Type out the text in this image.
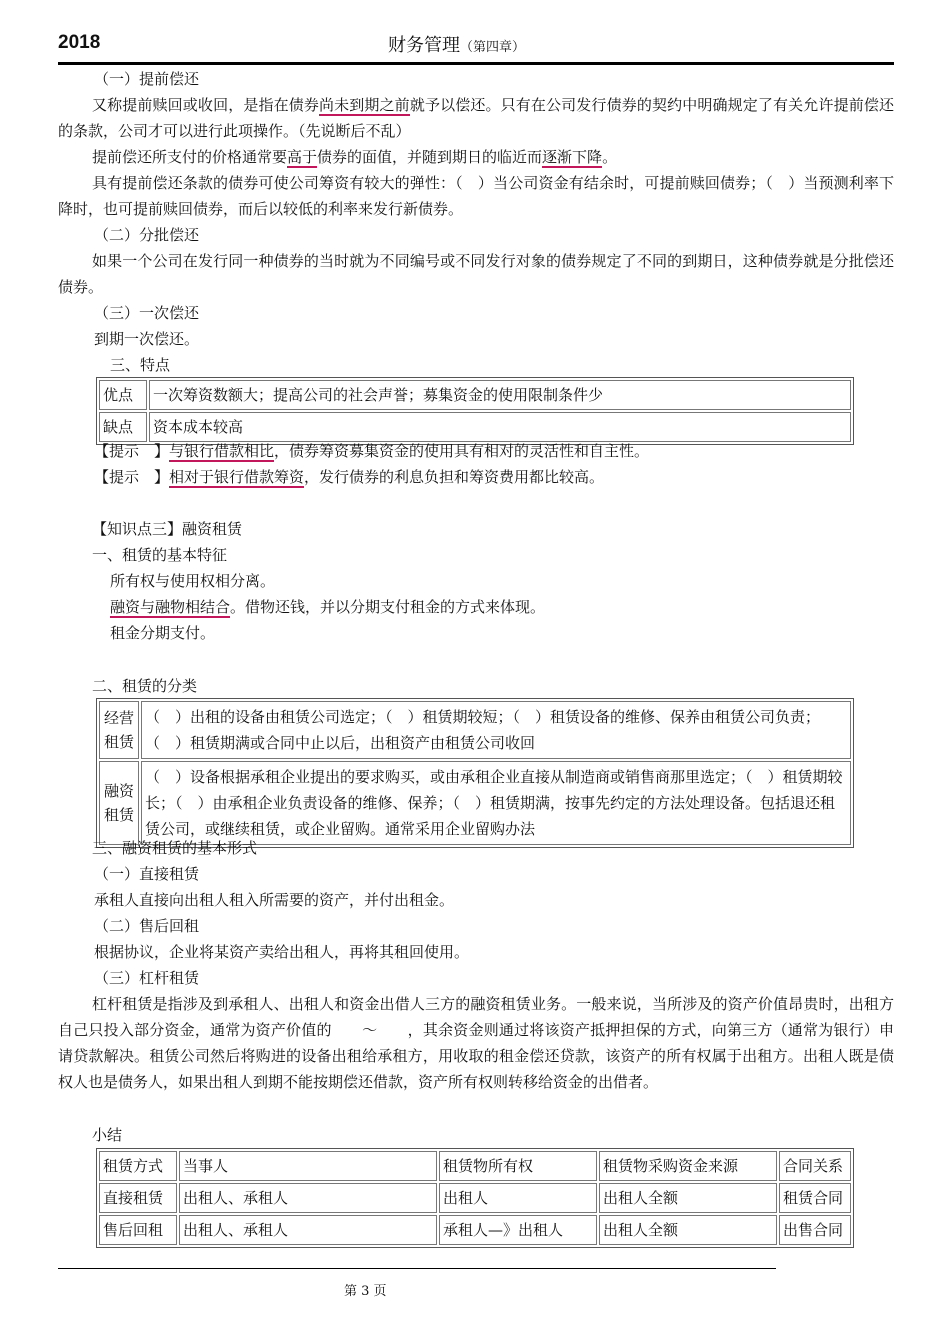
2018	财务管理（第四章）
（一）提前偿还
又称提前赎回或收回，是指在债券尚未到期之前就予以偿还。只有在公司发行债券的契约中明确规定了有关允许提前偿还的条款，公司才可以进行此项操作。（先说断后不乱）
提前偿还所支付的价格通常要高于债券的面值，并随到期日的临近而逐渐下降。
具有提前偿还条款的债券可使公司筹资有较大的弹性：（　）当公司资金有结余时，可提前赎回债券；（　）当预测利率下降时，也可提前赎回债券，而后以较低的利率来发行新债券。
（二）分批偿还
如果一个公司在发行同一种债券的当时就为不同编号或不同发行对象的债券规定了不同的到期日，这种债券就是分批偿还债券。
（三）一次偿还
到期一次偿还。
三、特点
优点	一次筹资数额大；提高公司的社会声誉；募集资金的使用限制条件少
缺点	资本成本较高
【提示　】与银行借款相比，债券筹资募集资金的使用具有相对的灵活性和自主性。
【提示　】相对于银行借款筹资，发行债券的利息负担和筹资费用都比较高。
【知识点三】融资租赁
一、租赁的基本特征
所有权与使用权相分离。
融资与融物相结合。借物还钱，并以分期支付租金的方式来体现。
租金分期支付。
二、租赁的分类
经营租赁	（　）出租的设备由租赁公司选定；（　）租赁期较短；（　）租赁设备的维修、保养由租赁公司负责；（　）租赁期满或合同中止以后，出租资产由租赁公司收回
融资租赁	（　）设备根据承租企业提出的要求购买，或由承租企业直接从制造商或销售商那里选定；（　）租赁期较长；（　）由承租企业负责设备的维修、保养；（　）租赁期满，按事先约定的方法处理设备。包括退还租赁公司，或继续租赁，或企业留购。通常采用企业留购办法
三、融资租赁的基本形式
（一）直接租赁
承租人直接向出租人租入所需要的资产，并付出租金。
（二）售后回租
根据协议，企业将某资产卖给出租人，再将其租回使用。
（三）杠杆租赁
杠杆租赁是指涉及到承租人、出租人和资金出借人三方的融资租赁业务。一般来说，当所涉及的资产价值昂贵时，出租方自己只投入部分资金，通常为资产价值的　　～　　，其余资金则通过将该资产抵押担保的方式，向第三方（通常为银行）申请贷款解决。租赁公司然后将购进的设备出租给承租方，用收取的租金偿还贷款，该资产的所有权属于出租方。出租人既是债权人也是债务人，如果出租人到期不能按期偿还借款，资产所有权则转移给资金的出借者。
小结
租赁方式	当事人	租赁物所有权	租赁物采购资金来源	合同关系
直接租赁	出租人、承租人	出租人	出租人全额	租赁合同
售后回租	出租人、承租人	承租人—》出租人	出租人全额	出售合同
第 3 页
